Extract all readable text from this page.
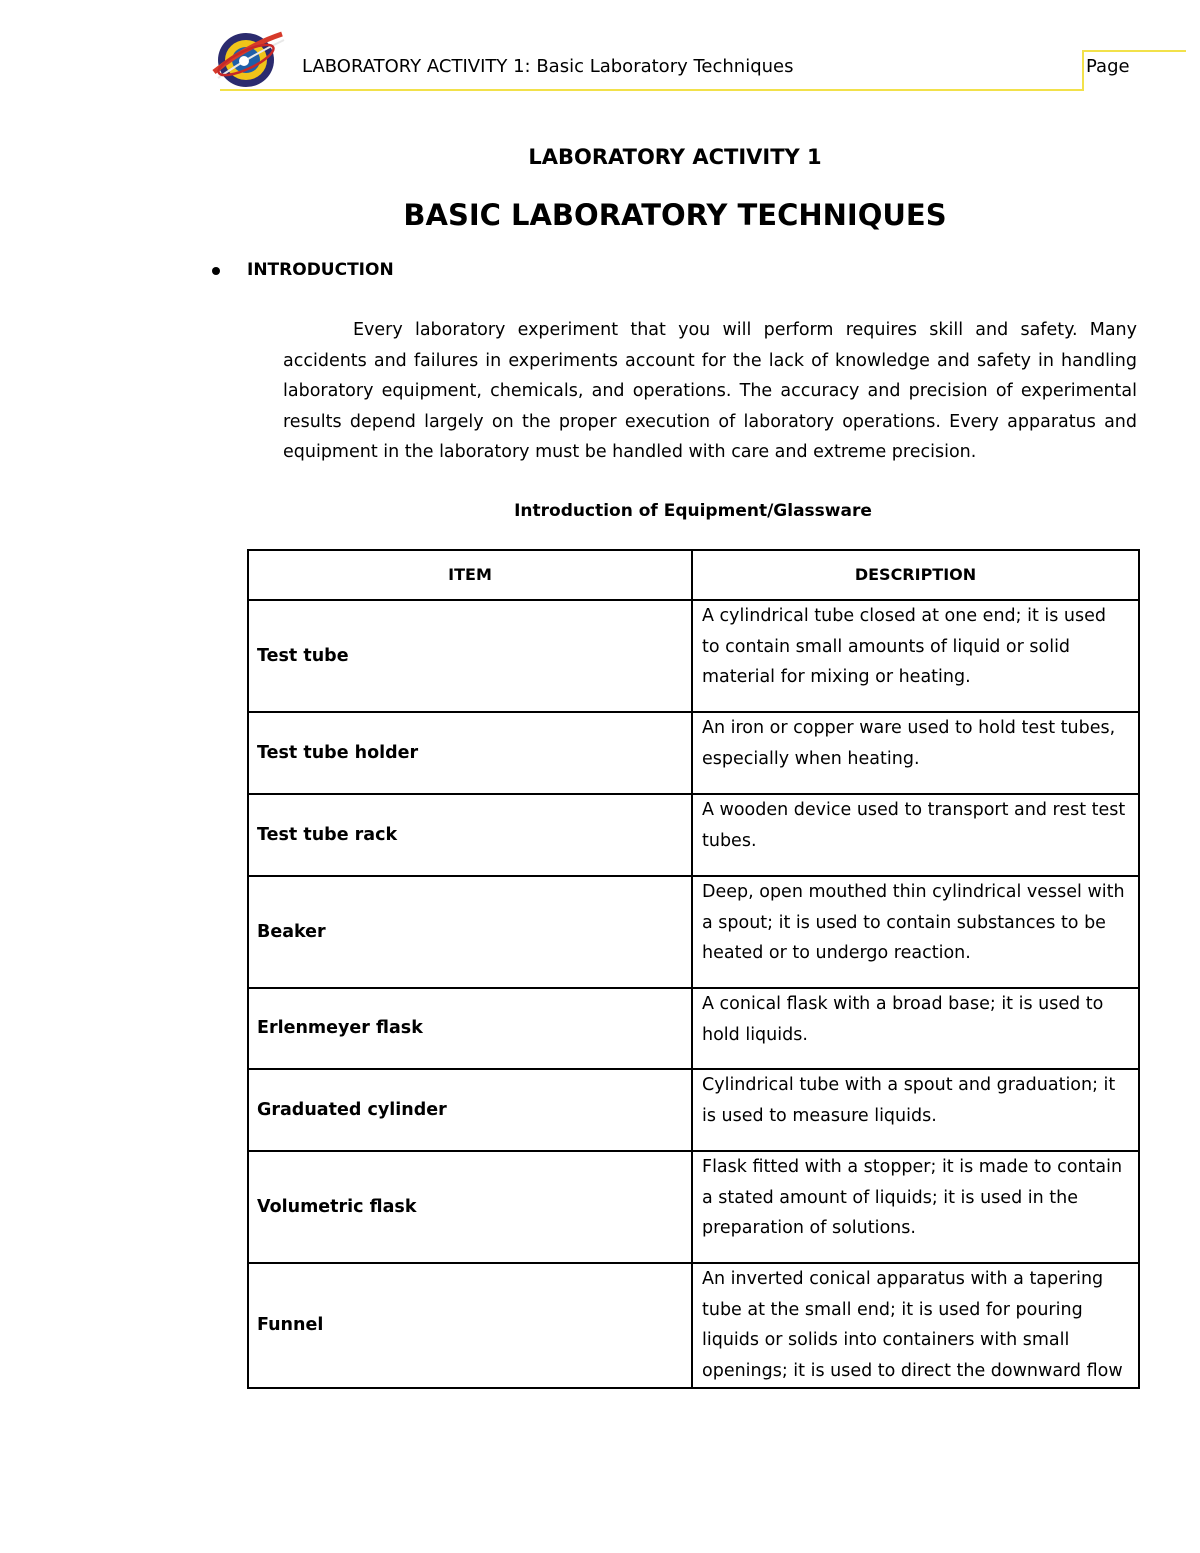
LABORATORY ACTIVITY 1: Basic Laboratory Techniques	Page
LABORATORY ACTIVITY 1
BASIC LABORATORY TECHNIQUES
INTRODUCTION

Every laboratory experiment that you will perform requires skill and safety. Many accidents and failures in experiments account for the lack of knowledge and safety in handling laboratory equipment, chemicals, and operations. The accuracy and precision of experimental results depend largely on the proper execution of laboratory operations. Every apparatus and equipment in the laboratory must be handled with care and extreme precision.

Introduction of Equipment/Glassware
ITEM	DESCRIPTION
Test tube	A cylindrical tube closed at one end; it is used to contain small amounts of liquid or solid material for mixing or heating.
Test tube holder	An iron or copper ware used to hold test tubes, especially when heating.
Test tube rack	A wooden device used to transport and rest test tubes.
Beaker	Deep, open mouthed thin cylindrical vessel with a spout; it is used to contain substances to be heated or to undergo reaction.
Erlenmeyer flask	A conical flask with a broad base; it is used to hold liquids.
Graduated cylinder	Cylindrical tube with a spout and graduation; it is used to measure liquids.
Volumetric flask	Flask fitted with a stopper; it is made to contain a stated amount of liquids; it is used in the preparation of solutions.
Funnel	An inverted conical apparatus with a tapering tube at the small end; it is used for pouring liquids or solids into containers with small openings; it is used to direct the downward flow
